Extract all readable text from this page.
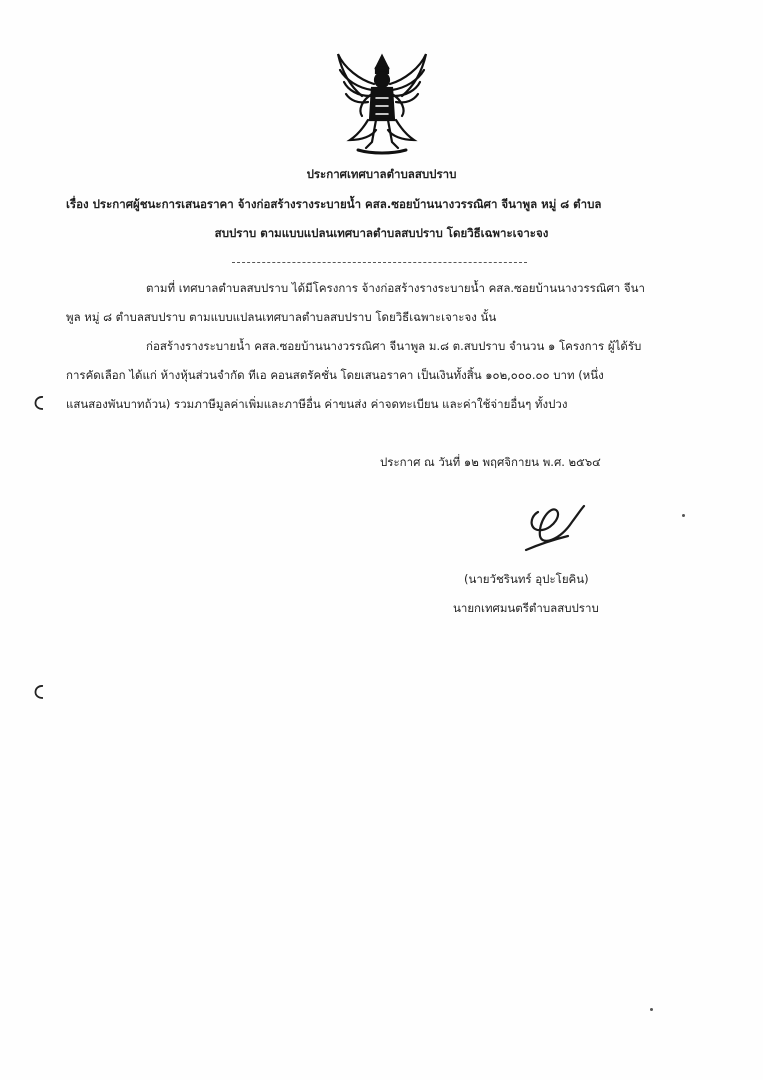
ประกาศเทศบาลตำบลสบปราบ
เรื่อง ประกาศผู้ชนะการเสนอราคา จ้างก่อสร้างรางระบายน้ำ คสล.ซอยบ้านนางวรรณิศา จีนาพูล หมู่ ๘ ตำบล
สบปราบ ตามแบบแปลนเทศบาลตำบลสบปราบ โดยวิธีเฉพาะเจาะจง
ตามที่ เทศบาลตำบลสบปราบ ได้มีโครงการ จ้างก่อสร้างรางระบายน้ำ คสล.ซอยบ้านนางวรรณิศา จีนา
พูล หมู่ ๘ ตำบลสบปราบ ตามแบบแปลนเทศบาลตำบลสบปราบ โดยวิธีเฉพาะเจาะจง นั้น
ก่อสร้างรางระบายน้ำ คสล.ซอยบ้านนางวรรณิศา จีนาพูล ม.๘ ต.สบปราบ จำนวน ๑ โครงการ ผู้ได้รับ
การคัดเลือก ได้แก่ ห้างหุ้นส่วนจำกัด ทีเอ คอนสตรัคชั่น โดยเสนอราคา เป็นเงินทั้งสิ้น ๑๐๒,๐๐๐.๐๐ บาท (หนึ่ง
แสนสองพันบาทถ้วน) รวมภาษีมูลค่าเพิ่มและภาษีอื่น ค่าขนส่ง ค่าจดทะเบียน และค่าใช้จ่ายอื่นๆ ทั้งปวง
ประกาศ ณ วันที่ ๑๒ พฤศจิกายน พ.ศ. ๒๕๖๔
(นายวัชรินทร์ อุปะโยคิน)
นายกเทศมนตรีตำบลสบปราบ
